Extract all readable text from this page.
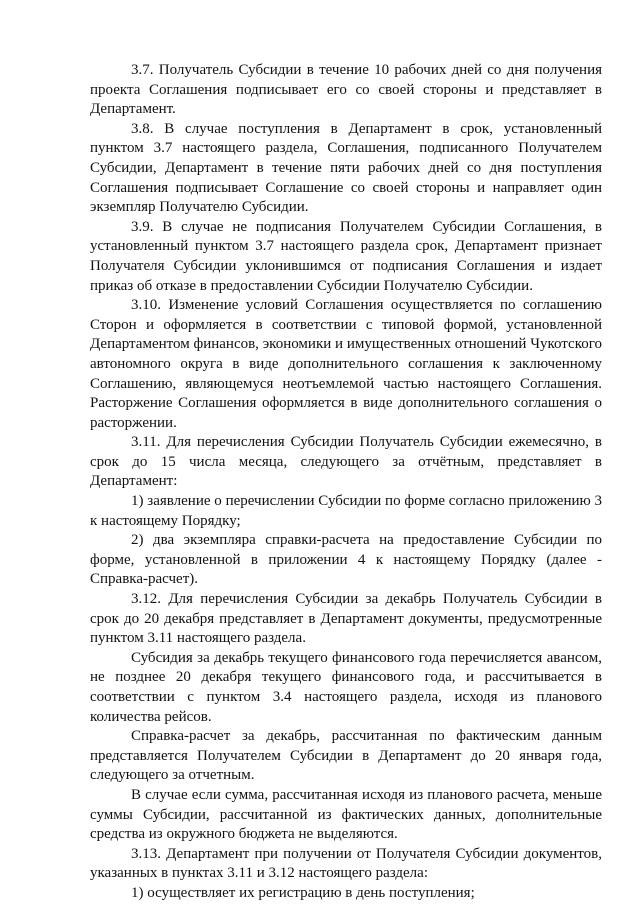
3.7. Получатель Субсидии в течение 10 рабочих дней со дня получения проекта Соглашения подписывает его со своей стороны и представляет в Департамент.

3.8. В случае поступления в Департамент в срок, установленный пунктом 3.7 настоящего раздела, Соглашения, подписанного Получателем Субсидии, Департамент в течение пяти рабочих дней со дня поступления Соглашения подписывает Соглашение со своей стороны и направляет один экземпляр Получателю Субсидии.

3.9. В случае не подписания Получателем Субсидии Соглашения, в установленный пунктом 3.7 настоящего раздела срок, Департамент признает Получателя Субсидии уклонившимся от подписания Соглашения и издает приказ об отказе в предоставлении Субсидии Получателю Субсидии.

3.10. Изменение условий Соглашения осуществляется по соглашению Сторон и оформляется в соответствии с типовой формой, установленной Департаментом финансов, экономики и имущественных отношений Чукотского автономного округа в виде дополнительного соглашения к заключенному Соглашению, являющемуся неотъемлемой частью настоящего Соглашения. Расторжение Соглашения оформляется в виде дополнительного соглашения о расторжении.

3.11. Для перечисления Субсидии Получатель Субсидии ежемесячно, в срок до 15 числа месяца, следующего за отчётным, представляет в Департамент:

1) заявление о перечислении Субсидии по форме согласно приложению 3 к настоящему Порядку;

2) два экземпляра справки-расчета на предоставление Субсидии по форме, установленной в приложении 4 к настоящему Порядку (далее - Справка-расчет).

3.12. Для перечисления Субсидии за декабрь Получатель Субсидии в срок до 20 декабря представляет в Департамент документы, предусмотренные пунктом 3.11 настоящего раздела.

Субсидия за декабрь текущего финансового года перечисляется авансом, не позднее 20 декабря текущего финансового года, и рассчитывается в соответствии с пунктом 3.4 настоящего раздела, исходя из планового количества рейсов.

Справка-расчет за декабрь, рассчитанная по фактическим данным представляется Получателем Субсидии в Департамент до 20 января года, следующего за отчетным.

В случае если сумма, рассчитанная исходя из планового расчета, меньше суммы Субсидии, рассчитанной из фактических данных, дополнительные средства из окружного бюджета не выделяются.

3.13. Департамент при получении от Получателя Субсидии документов, указанных в пунктах 3.11 и 3.12 настоящего раздела:

1) осуществляет их регистрацию в день поступления;
